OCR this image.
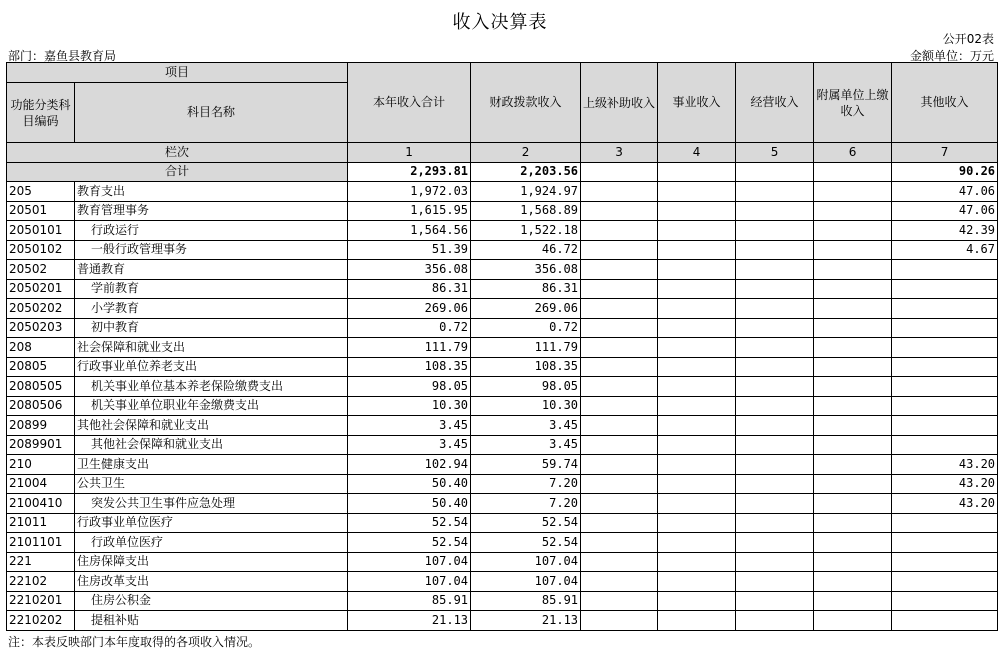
收入决算表
公开02表
部门：嘉鱼县教育局	金额单位：万元
项目		本年收入合计	财政拨款收入	上级补助收入	事业收入	经营收入	附属单位上缴收入	其他收入
功能分类科目编码	科目名称							
栏次		1	2	3	4	5	6	7
合计		2,293.81	2,203.56					90.26
205	教育支出	1,972.03	1,924.97					47.06
20501	教育管理事务	1,615.95	1,568.89					47.06
2050101	行政运行	1,564.56	1,522.18					42.39
2050102	一般行政管理事务	51.39	46.72					4.67
20502	普通教育	356.08	356.08					
2050201	学前教育	86.31	86.31					
2050202	小学教育	269.06	269.06					
2050203	初中教育	0.72	0.72					
208	社会保障和就业支出	111.79	111.79					
20805	行政事业单位养老支出	108.35	108.35					
2080505	机关事业单位基本养老保险缴费支出	98.05	98.05					
2080506	机关事业单位职业年金缴费支出	10.30	10.30					
20899	其他社会保障和就业支出	3.45	3.45					
2089901	其他社会保障和就业支出	3.45	3.45					
210	卫生健康支出	102.94	59.74					43.20
21004	公共卫生	50.40	7.20					43.20
2100410	突发公共卫生事件应急处理	50.40	7.20					43.20
21011	行政事业单位医疗	52.54	52.54					
2101101	行政单位医疗	52.54	52.54					
221	住房保障支出	107.04	107.04					
22102	住房改革支出	107.04	107.04					
2210201	住房公积金	85.91	85.91					
2210202	提租补贴	21.13	21.13					
注：本表反映部门本年度取得的各项收入情况。
